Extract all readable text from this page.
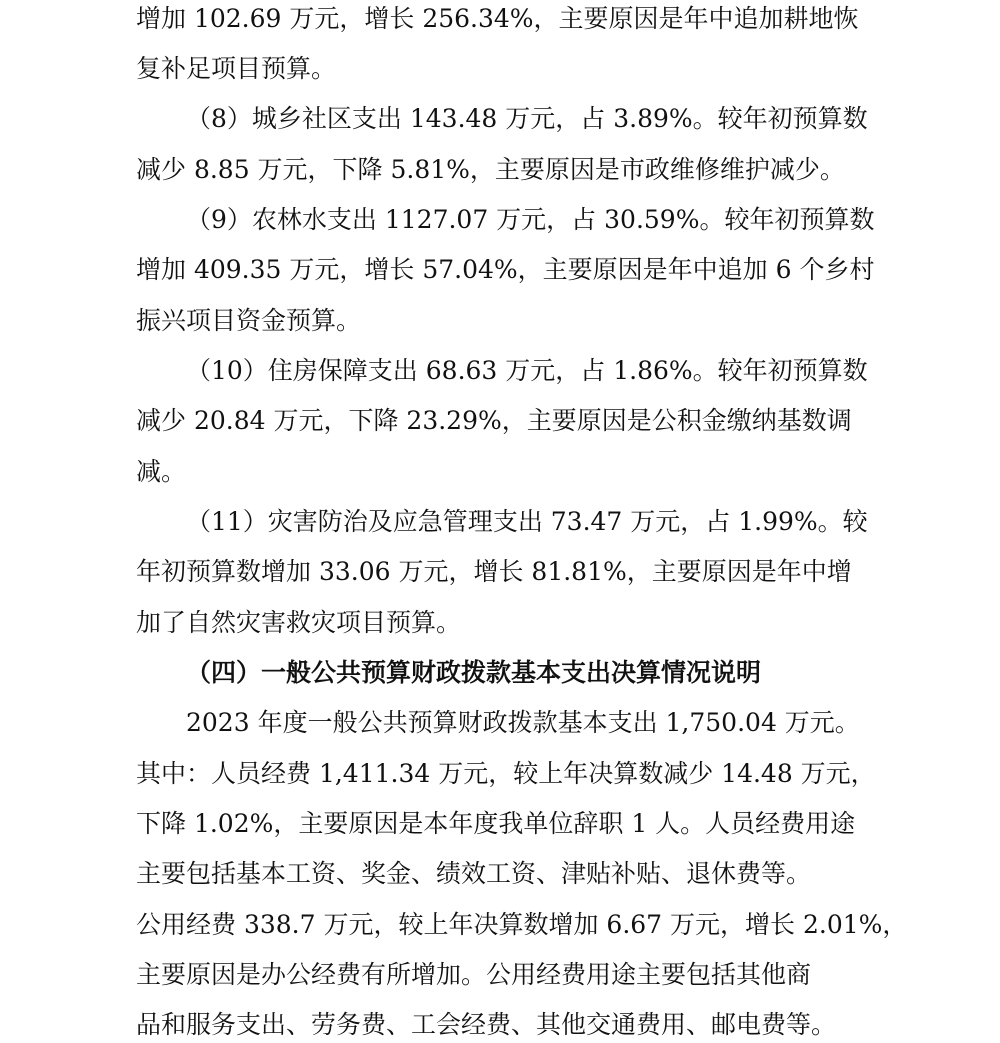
增加 102.69 万元，增长 256.34%，主要原因是年中追加耕地恢
复补足项目预算。
（8）城乡社区支出 143.48 万元，占 3.89%。较年初预算数
减少 8.85 万元，下降 5.81%，主要原因是市政维修维护减少。
（9）农林水支出 1127.07 万元，占 30.59%。较年初预算数
增加 409.35 万元，增长 57.04%，主要原因是年中追加 6 个乡村
振兴项目资金预算。
（10）住房保障支出 68.63 万元，占 1.86%。较年初预算数
减少 20.84 万元，下降 23.29%，主要原因是公积金缴纳基数调
减。
（11）灾害防治及应急管理支出 73.47 万元，占 1.99%。较
年初预算数增加 33.06 万元，增长 81.81%，主要原因是年中增
加了自然灾害救灾项目预算。
（四）一般公共预算财政拨款基本支出决算情况说明
2023 年度一般公共预算财政拨款基本支出 1,750.04 万元。
其中：人员经费 1,411.34 万元，较上年决算数减少 14.48 万元，
下降 1.02%，主要原因是本年度我单位辞职 1 人。人员经费用途
主要包括基本工资、奖金、绩效工资、津贴补贴、退休费等。
公用经费 338.7 万元，较上年决算数增加 6.67 万元，增长 2.01%，
主要原因是办公经费有所增加。公用经费用途主要包括其他商
品和服务支出、劳务费、工会经费、其他交通费用、邮电费等。
